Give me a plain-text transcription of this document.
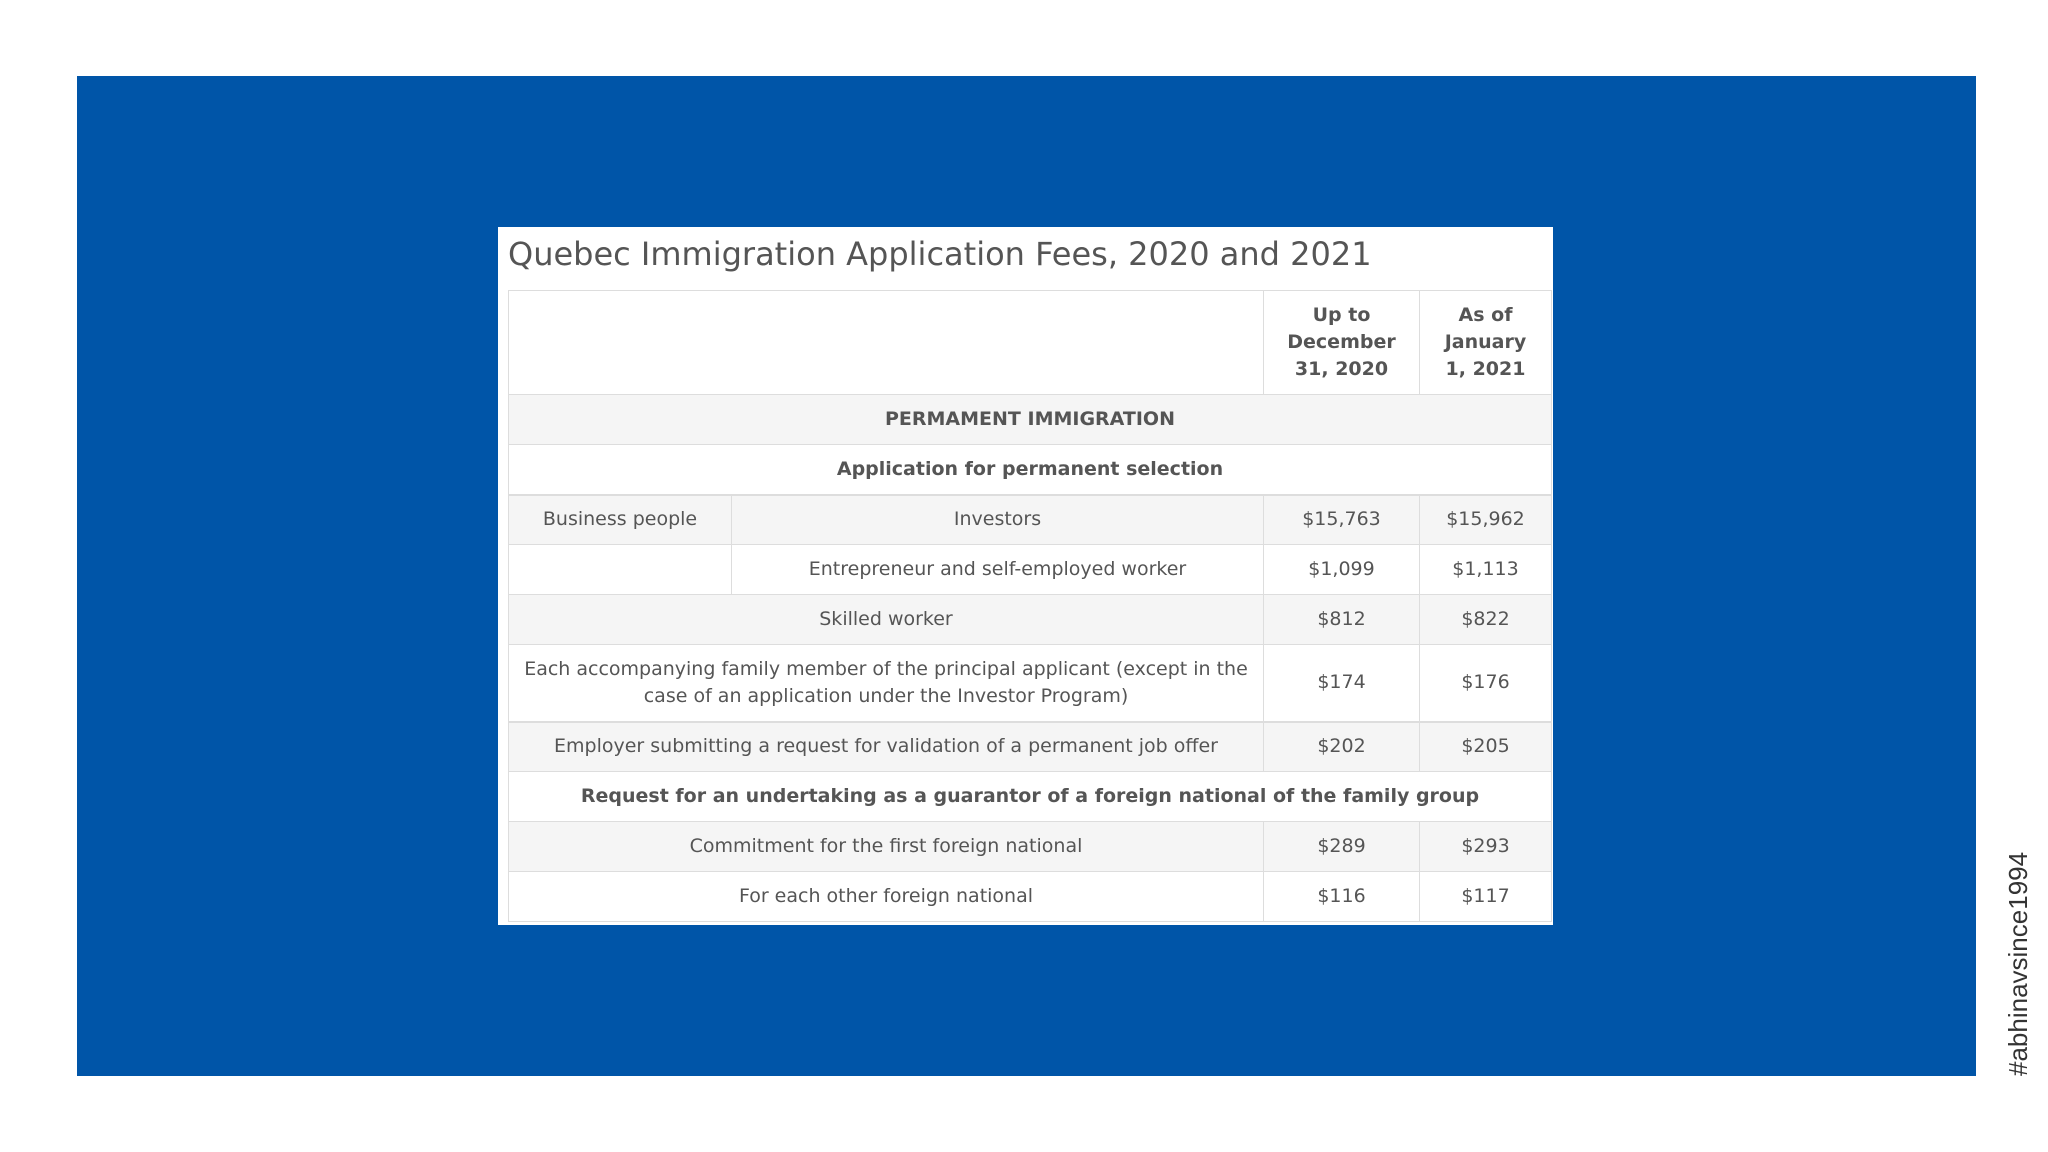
Quebec Immigration Application Fees, 2020 and 2021
		Up to December 31, 2020	As of January 1, 2021
PERMAMENT IMMIGRATION			
Application for permanent selection			
Business people	Investors	$15,763	$15,962
	Entrepreneur and self-employed worker	$1,099	$1,113
Skilled worker		$812	$822
Each accompanying family member of the principal applicant (except in the case of an application under the Investor Program)		$174	$176
Employer submitting a request for validation of a permanent job offer		$202	$205
Request for an undertaking as a guarantor of a foreign national of the family group			
Commitment for the first foreign national		$289	$293
For each other foreign national		$116	$117	#abhinavsince1994
